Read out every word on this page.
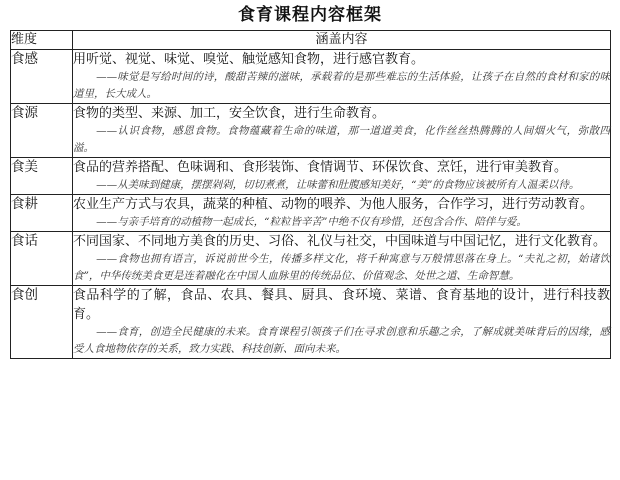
食育课程内容框架
维度	涵盖内容
食感	用听觉、视觉、味觉、嗅觉、触觉感知食物，进行感官教育。
——味觉是写给时间的诗，酸甜苦辣的滋味，承载着的是那些难忘的生活体验，让孩子在自然的食材和家的味道里，长大成人。

食源	食物的类型、来源、加工，安全饮食，进行生命教育。
——认识食物，感恩食物。食物蕴藏着生命的味道，那一道道美食，化作丝丝热腾腾的人间烟火气，弥散四溢。

食美	食品的营养搭配、色味调和、食形装饰、食情调节、环保饮食、烹饪，进行审美教育。
——从美味到健康，摆摆剁剁，切切煮煮，让味蕾和肚腹感知美好，“美”的食物应该被所有人温柔以待。

食耕	农业生产方式与农具，蔬菜的种植、动物的喂养、为他人服务，合作学习，进行劳动教育。
——与亲手培育的动植物一起成长，“粒粒皆辛苦”中绝不仅有珍惜，还包含合作、陪伴与爱。

食话	不同国家、不同地方美食的历史、习俗、礼仪与社交，中国味道与中国记忆，进行文化教育。
——食物也拥有语言，诉说前世今生，传播多样文化，将千种寓意与万般情思落在身上。“夫礼之初，始诸饮食”，中华传统美食更是连着融化在中国人血脉里的传统品位、价值观念、处世之道、生命智慧。

食创	食品科学的了解，食品、农具、餐具、厨具、食环境、菜谱、食育基地的设计，进行科技教育。
——食育，创造全民健康的未来。食育课程引领孩子们在寻求创意和乐趣之余，了解成就美味背后的因缘，感受人食地物依存的关系，致力实践、科技创新、面向未来。
